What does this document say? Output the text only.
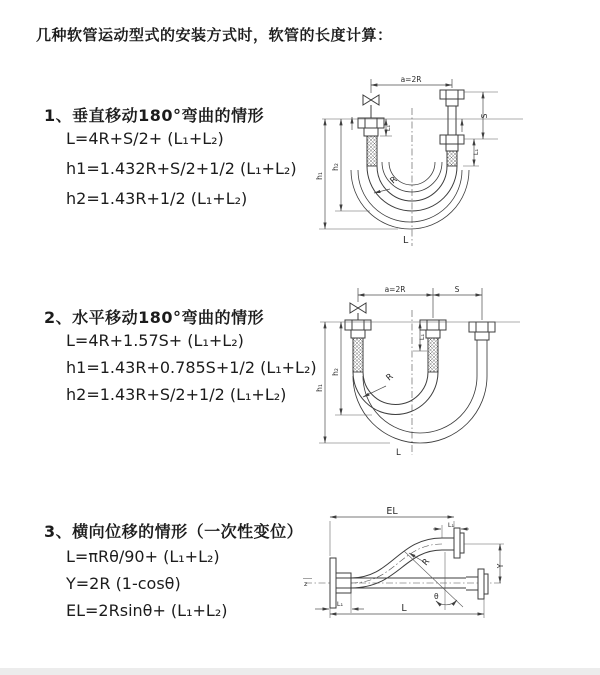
几种软管运动型式的安装方式时，软管的长度计算：
1、垂直移动180°弯曲的情形
L=4R+S/2+ (L₁+L₂)
h1=1.432R+S/2+1/2 (L₁+L₂)
h2=1.43R+1/2 (L₁+L₂)
2、水平移动180°弯曲的情形
L=4R+1.57S+ (L₁+L₂)
h1=1.43R+0.785S+1/2 (L₁+L₂)
h2=1.43R+S/2+1/2 (L₁+L₂)
3、横向位移的情形（一次性变位）
L=πRθ/90+ (L₁+L₂)
Y=2R (1-cosθ)
EL=2Rsinθ+ (L₁+L₂)
a=2R
h₁
h₂
L₁
S
L₁
R
L
a=2R	S
h₁
h₂
L₁
R
L
EL
L₁
Y
R
θ
L
L₁
z
